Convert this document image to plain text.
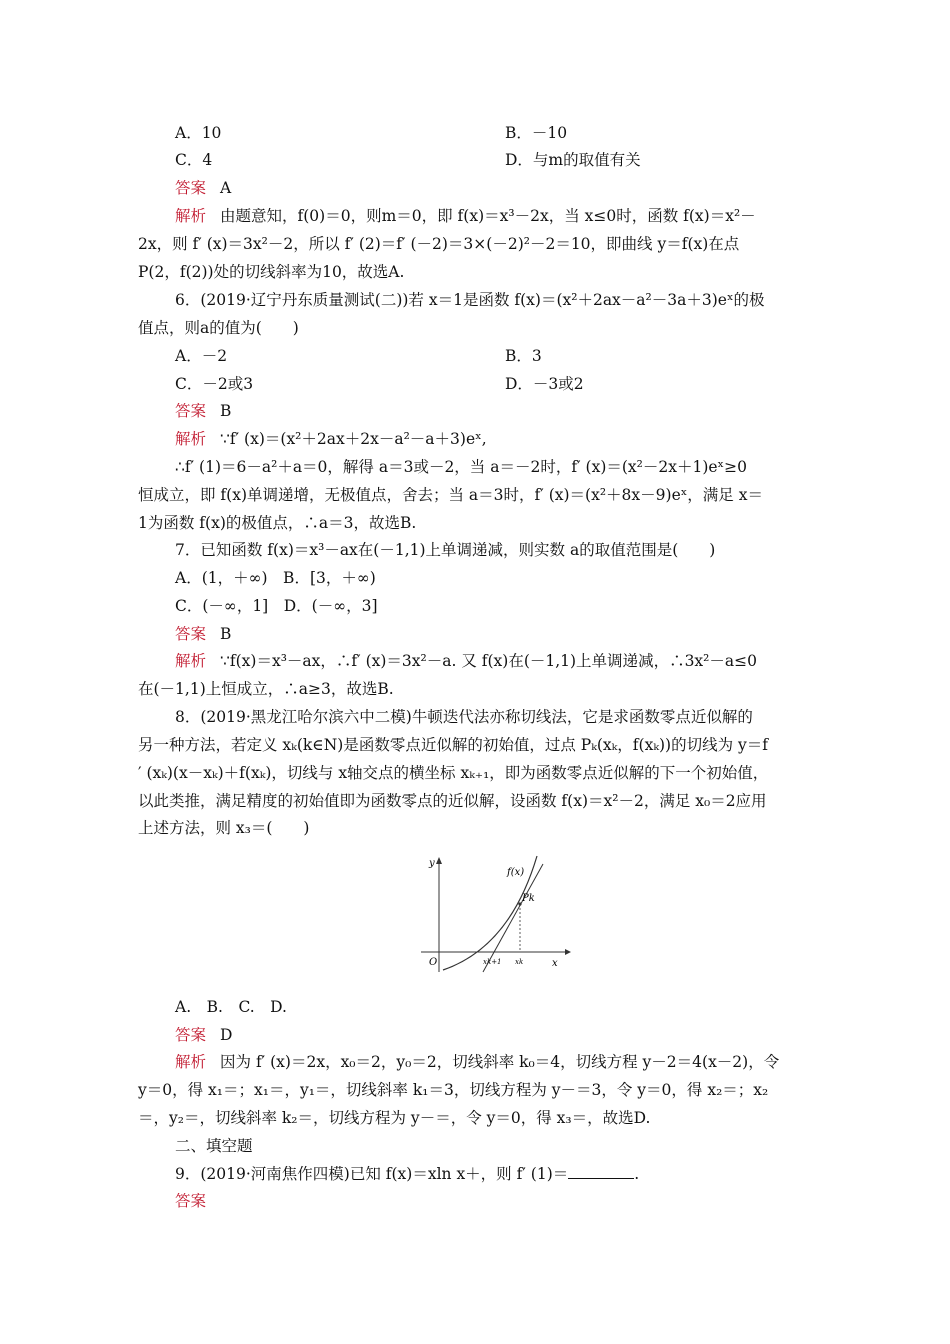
A．10	B．－10
C．4	D．与m的取值有关
答案 A
解析 由题意知，f(0)＝0，则m＝0，即 f(x)＝x³－2x，当 x≤0时，函数 f(x)＝x²－
2x，则 f′ (x)＝3x²－2，所以 f′ (2)＝f′ (－2)＝3×(－2)²－2＝10，即曲线 y＝f(x)在点
P(2，f(2))处的切线斜率为10，故选A.
6．(2019·辽宁丹东质量测试(二))若 x＝1是函数 f(x)＝(x²＋2ax－a²－3a＋3)eˣ的极
值点，则a的值为(　　)
A．－2	B．3
C．－2或3	D．－3或2
答案 B
解析 ∵f′ (x)＝(x²＋2ax＋2x－a²－a＋3)eˣ,
∴f′ (1)＝6－a²＋a＝0，解得 a＝3或－2，当 a＝－2时，f′ (x)＝(x²－2x＋1)eˣ≥0
恒成立，即 f(x)单调递增，无极值点，舍去；当 a＝3时，f′ (x)＝(x²＋8x－9)eˣ，满足 x＝
1为函数 f(x)的极值点，∴a＝3，故选B.
7．已知函数 f(x)＝x³－ax在(－1,1)上单调递减，则实数 a的取值范围是(　　)
A．(1，＋∞)　B．[3，＋∞)
C．(－∞，1]　D．(－∞，3]
答案 B
解析 ∵f(x)＝x³－ax，∴f′ (x)＝3x²－a. 又 f(x)在(－1,1)上单调递减，∴3x²－a≤0
在(－1,1)上恒成立，∴a≥3，故选B.
8．(2019·黑龙江哈尔滨六中二模)牛顿迭代法亦称切线法，它是求函数零点近似解的
另一种方法，若定义 xₖ(k∈N)是函数零点近似解的初始值，过点 Pₖ(xₖ，f(xₖ))的切线为 y＝f
′ (xₖ)(x－xₖ)＋f(xₖ)，切线与 x轴交点的横坐标 xₖ₊₁，即为函数零点近似解的下一个初始值，
以此类推，满足精度的初始值即为函数零点的近似解，设函数 f(x)＝x²－2，满足 x₀＝2应用
上述方法，则 x₃＝(　　)
y
x
O
f(x)
Pk
xk+1 xk
A.　B.　C.　D.
答案 D
解析 因为 f′ (x)＝2x，x₀＝2，y₀＝2，切线斜率 k₀＝4，切线方程 y－2＝4(x－2)，令
y＝0，得 x₁＝；x₁＝，y₁＝，切线斜率 k₁＝3，切线方程为 y－＝3，令 y＝0，得 x₂＝；x₂
＝，y₂＝，切线斜率 k₂＝，切线方程为 y－＝，令 y＝0，得 x₃＝，故选D.
二、填空题
9．(2019·河南焦作四模)已知 f(x)＝xln x＋，则 f′ (1)＝	.
答案
